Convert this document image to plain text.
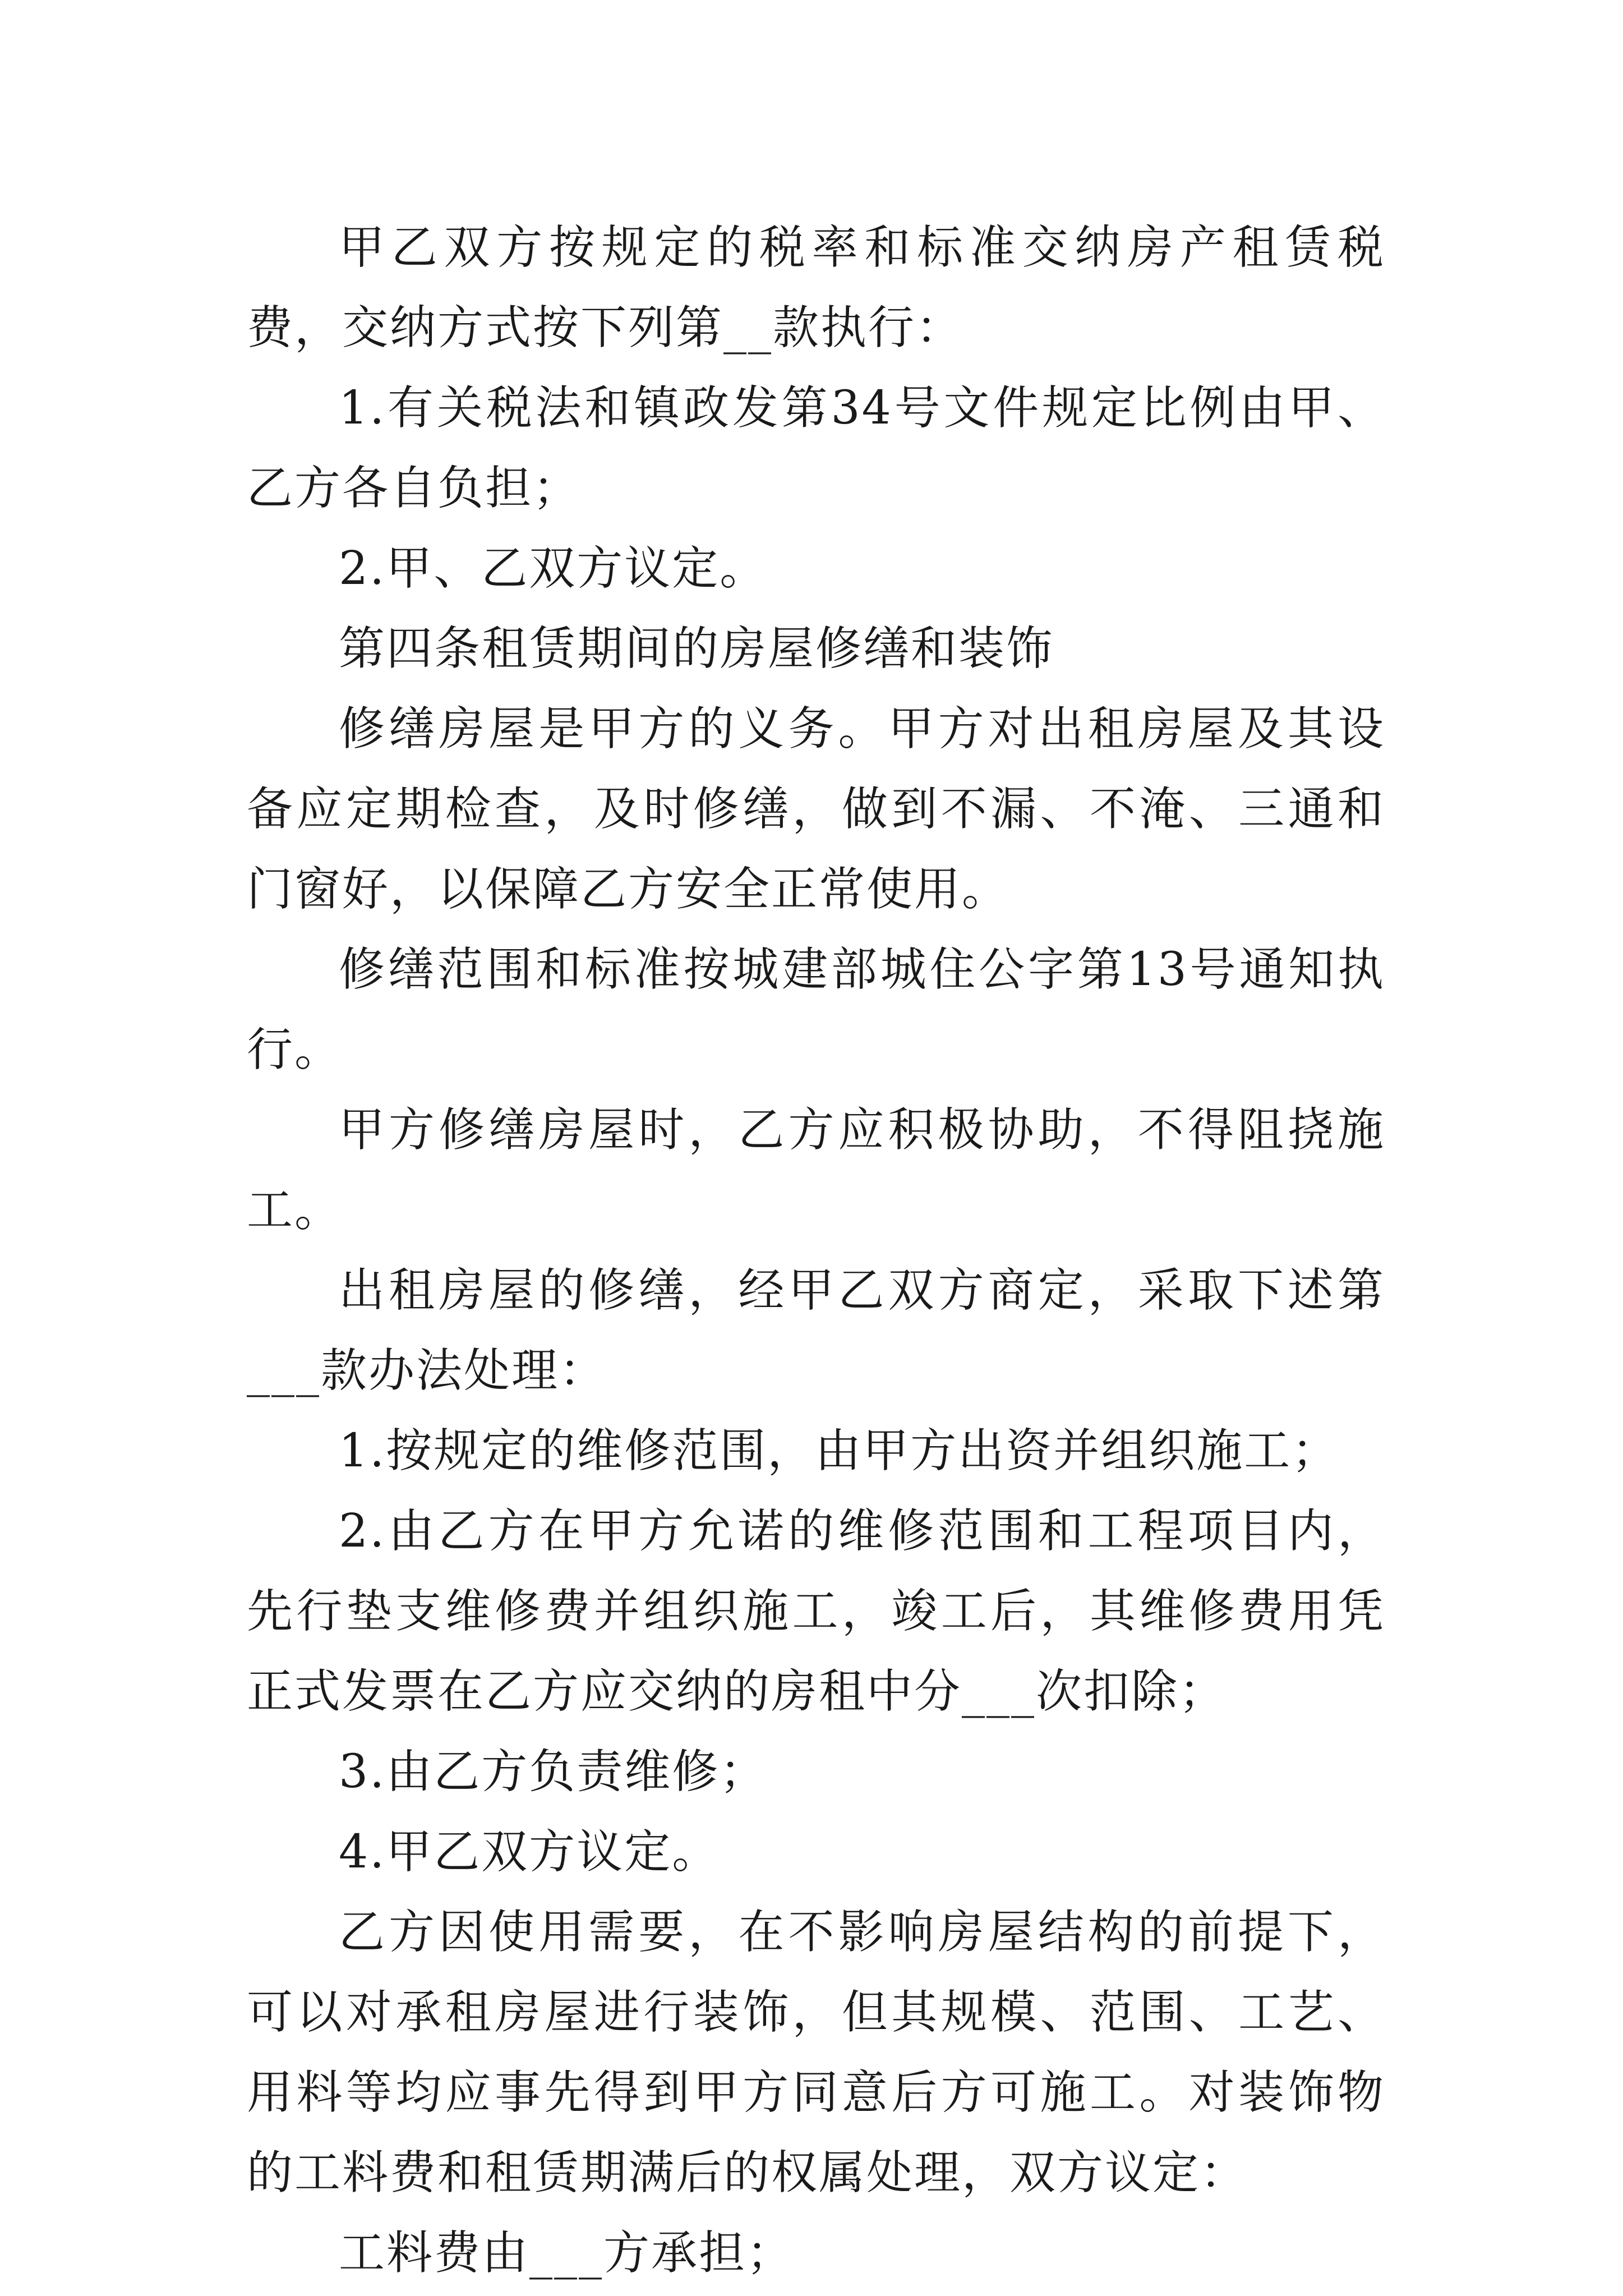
甲乙双方按规定的税率和标准交纳房产租赁税费，交纳方式按下列第__款执行：

1.有关税法和镇政发第34号文件规定比例由甲、乙方各自负担；

2.甲、乙双方议定。

第四条租赁期间的房屋修缮和装饰

修缮房屋是甲方的义务。甲方对出租房屋及其设备应定期检查，及时修缮，做到不漏、不淹、三通和门窗好，以保障乙方安全正常使用。

修缮范围和标准按城建部城住公字第13号通知执行。

甲方修缮房屋时，乙方应积极协助，不得阻挠施工。

出租房屋的修缮，经甲乙双方商定，采取下述第___款办法处理：

1.按规定的维修范围，由甲方出资并组织施工；

2.由乙方在甲方允诺的维修范围和工程项目内，先行垫支维修费并组织施工，竣工后，其维修费用凭正式发票在乙方应交纳的房租中分___次扣除；

3.由乙方负责维修；

4.甲乙双方议定。

乙方因使用需要，在不影响房屋结构的前提下，可以对承租房屋进行装饰，但其规模、范围、工艺、用料等均应事先得到甲方同意后方可施工。对装饰物的工料费和租赁期满后的权属处理，双方议定：

工料费由___方承担；
